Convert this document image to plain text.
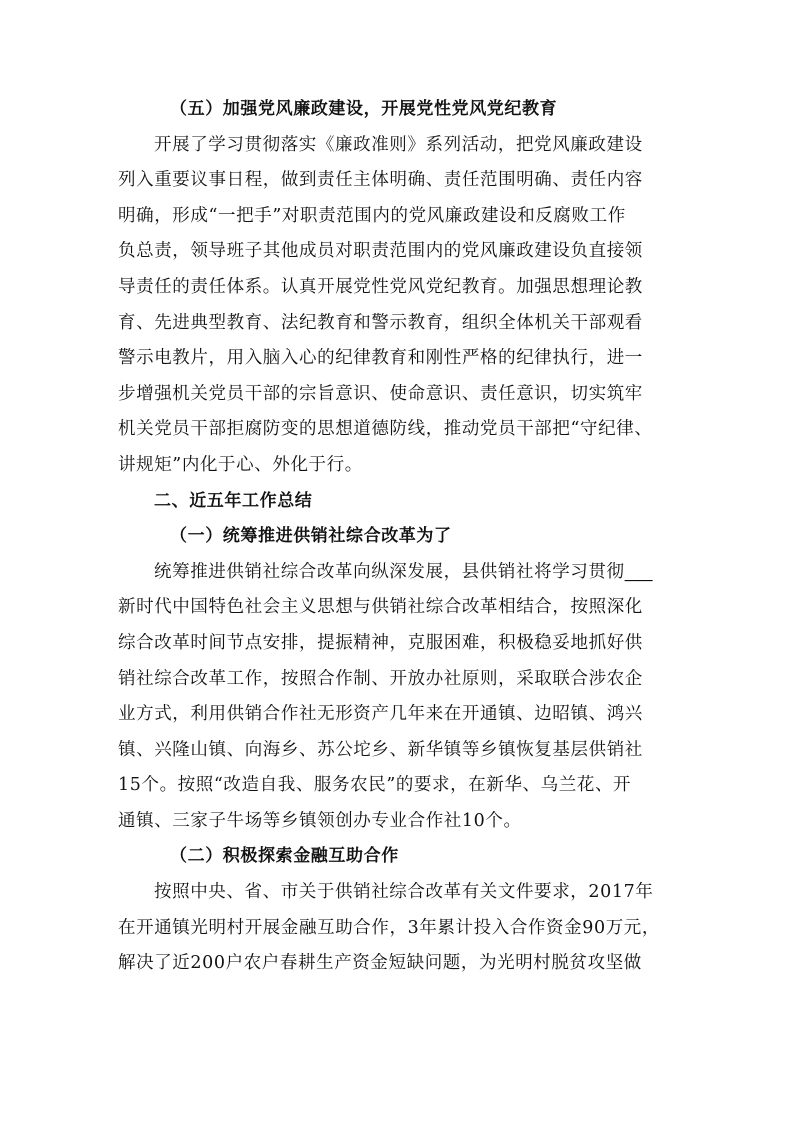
（五）加强党风廉政建设，开展党性党风党纪教育
开展了学习贯彻落实《廉政准则》系列活动，把党风廉政建设
列入重要议事日程，做到责任主体明确、责任范围明确、责任内容
明确，形成“一把手”对职责范围内的党风廉政建设和反腐败工作
负总责，领导班子其他成员对职责范围内的党风廉政建设负直接领
导责任的责任体系。认真开展党性党风党纪教育。加强思想理论教
育、先进典型教育、法纪教育和警示教育，组织全体机关干部观看
警示电教片，用入脑入心的纪律教育和刚性严格的纪律执行，进一
步增强机关党员干部的宗旨意识、使命意识、责任意识，切实筑牢
机关党员干部拒腐防变的思想道德防线，推动党员干部把“守纪律、
讲规矩”内化于心、外化于行。
二、近五年工作总结
（一）统筹推进供销社综合改革为了
统筹推进供销社综合改革向纵深发展，县供销社将学习贯彻___
新时代中国特色社会主义思想与供销社综合改革相结合，按照深化
综合改革时间节点安排，提振精神，克服困难，积极稳妥地抓好供
销社综合改革工作，按照合作制、开放办社原则，采取联合涉农企
业方式，利用供销合作社无形资产几年来在开通镇、边昭镇、鸿兴
镇、兴隆山镇、向海乡、苏公坨乡、新华镇等乡镇恢复基层供销社
15个。按照“改造自我、服务农民”的要求，在新华、乌兰花、开
通镇、三家子牛场等乡镇领创办专业合作社10个。
（二）积极探索金融互助合作
按照中央、省、市关于供销社综合改革有关文件要求，2017年
在开通镇光明村开展金融互助合作，3年累计投入合作资金90万元，
解决了近200户农户春耕生产资金短缺问题，为光明村脱贫攻坚做
